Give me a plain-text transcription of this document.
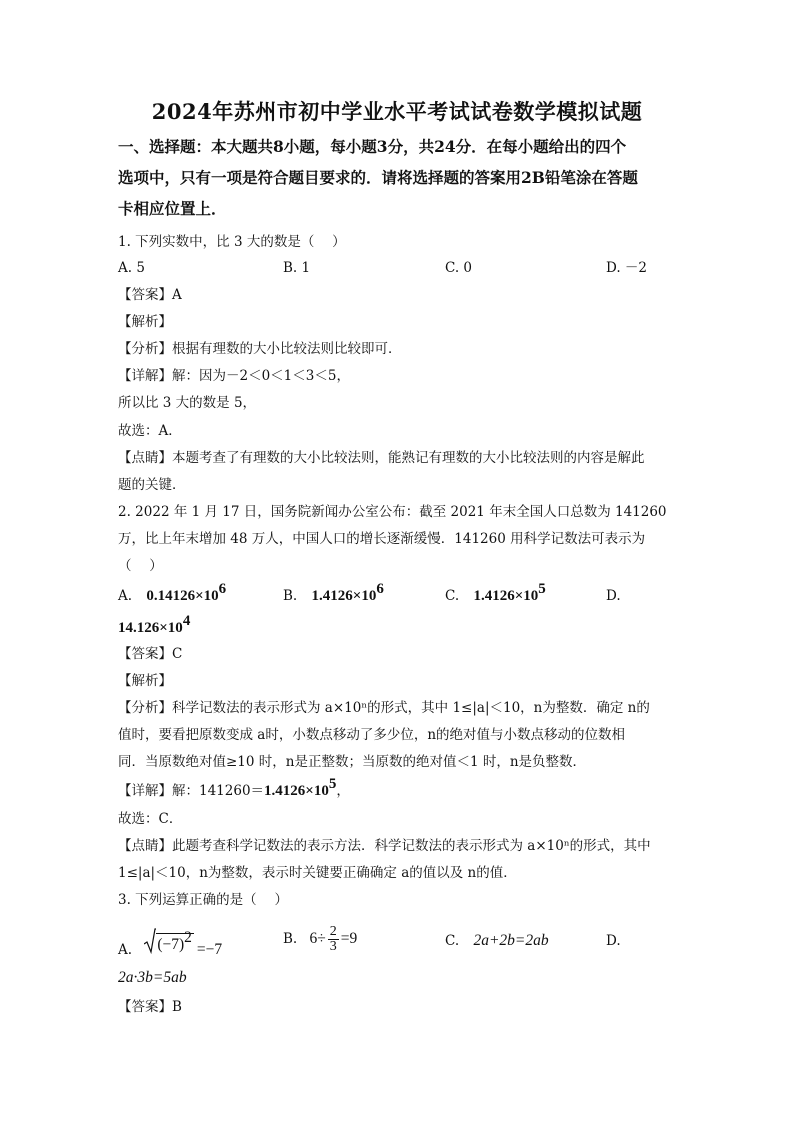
2024年苏州市初中学业水平考试试卷数学模拟试题
一、选择题：本大题共8小题，每小题3分，共24分．在每小题给出的四个
选项中，只有一项是符合题目要求的．请将选择题的答案用2B铅笔涂在答题
卡相应位置上．
1. 下列实数中，比 3 大的数是（　 ）
A. 5	B. 1	C. 0	D. －2
【答案】A
【解析】
【分析】根据有理数的大小比较法则比较即可．
【详解】解：因为－2＜0＜1＜3＜5，
所以比 3 大的数是 5，
故选：A．
【点睛】本题考查了有理数的大小比较法则，能熟记有理数的大小比较法则的内容是解此
题的关键．
2. 2022 年 1 月 17 日，国务院新闻办公室公布：截至 2021 年末全国人口总数为 141260
万，比上年末增加 48 万人，中国人口的增长逐渐缓慢．141260 用科学记数法可表示为
（　 ）
A. $0.14126\times 10^6$	B. $1.4126\times 10^6$	C. $1.4126\times 10^5$	D.
$14.126\times 10^4$
【答案】C
【解析】
【分析】科学记数法的表示形式为 a×10ⁿ的形式，其中 1≤|a|＜10，n为整数．确定 n的
值时，要看把原数变成 a时，小数点移动了多少位，n的绝对值与小数点移动的位数相
同．当原数绝对值≥10 时，n是正整数；当原数的绝对值＜1 时，n是负整数．
【详解】解：$141260=1.4126\times 10^5$，
故选：C．
【点睛】此题考查科学记数法的表示方法．科学记数法的表示形式为 a×10ⁿ的形式，其中
1≤|a|＜10，n为整数，表示时关键要正确确定 a的值以及 n的值．
3. 下列运算正确的是（　 ）
A. $(-7)^2$
=−7
B. $6\div \frac{2}{3} =9$	C. 2a+2b=2ab	D.
2a·3b=5ab
【答案】B
